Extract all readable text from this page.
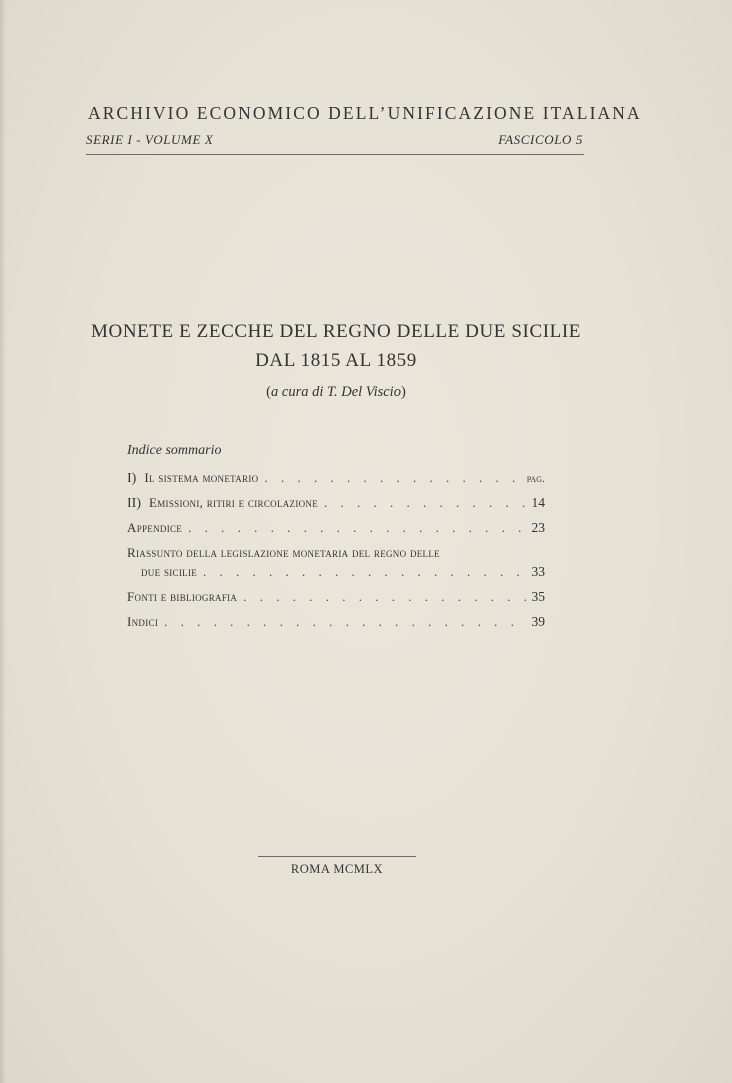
ARCHIVIO ECONOMICO DELL’UNIFICAZIONE ITALIANA
SERIE I - VOLUME X	FASCICOLO 5
MONETE E ZECCHE DEL REGNO DELLE DUE SICILIE
DAL 1815 AL 1859
(a cura di T. Del Viscio)
Indice sommario
I) Il sistema monetario . . .	pag.
II) Emissioni, ritiri e circolazione . . .	14
Appendice . . .	23
Riassunto della legislazione monetaria del regno delle
due sicilie . . .	33
Fonti e bibliografia . . .	35
Indici . . .	39
ROMA MCMLX
